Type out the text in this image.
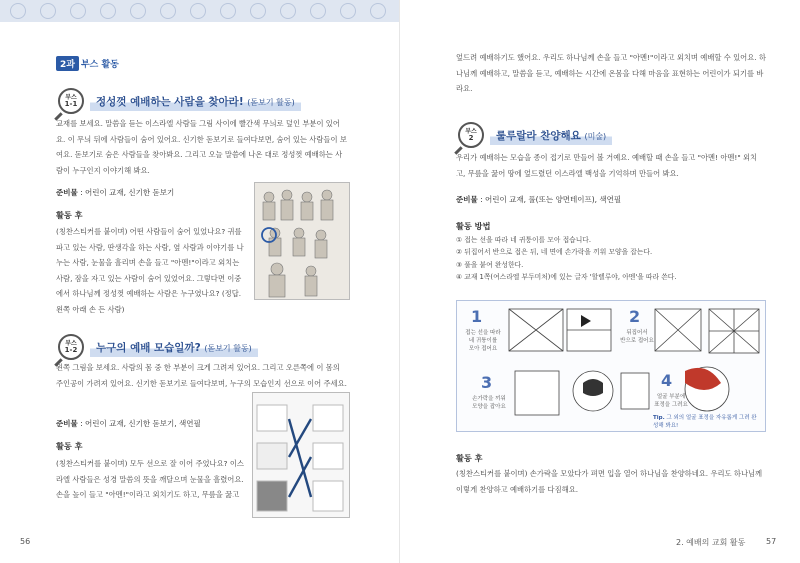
2과 부스 활동
부스
1-1	정성껏 예배하는 사람을 찾아라! (돋보기 활동)
교재를 보세요. 말씀을 듣는 이스라엘 사람들 그림 사이에 빨간색 무늬로 덮인 부분이 있어요. 이 무늬 뒤에 사람들이 숨어 있어요. 신기한 돋보기로 들여다보면, 숨어 있는 사람들이 보여요. 돋보기로 숨은 사람들을 찾아봐요. 그리고 오늘 말씀에 나온 대로 정성껏 예배하는 사람이 누구인지 이야기해 봐요.
준비물 : 어린이 교재, 신기한 돋보기
활동 후
(칭찬스티커를 붙이며) 어떤 사람들이 숨어 있었나요? 귀를 파고 있는 사람, 딴생각을 하는 사람, 옆 사람과 이야기를 나누는 사람, 눈물을 흘리며 손을 들고 "아멘!"이라고 외치는 사람, 잠을 자고 있는 사람이 숨어 있었어요. 그렇다면 이중에서 하나님께 정성껏 예배하는 사람은 누구였나요? (정답. 왼쪽 아래 손 든 사람)
부스
1-2	누구의 예배 모습일까? (돋보기 활동)
왼쪽 그림을 보세요. 사람의 몸 중 한 부분이 크게 그려져 있어요. 그리고 오른쪽에 이 몸의 주인공이 가려져 있어요. 신기한 돋보기로 들여다보며, 누구의 모습인지 선으로 이어 주세요.
준비물 : 어린이 교재, 신기한 돋보기, 색연필
활동 후
(칭찬스티커를 붙이며) 모두 선으로 잘 이어 주었나요? 이스라엘 사람들은 성경 말씀의 뜻을 깨달으며 눈물을 흘렸어요. 손을 높이 들고 "아멘!"이라고 외치기도 하고, 무릎을 꿇고
56
엎드려 예배하기도 했어요. 우리도 하나님께 손을 들고 "아멘!"이라고 외치며 예배할 수 있어요. 하나님께 예배하고, 말씀을 듣고, 예배하는 시간에 온몸을 다해 마음을 표현하는 어린이가 되기를 바라요.
부스
2	룰루랄라 찬양해요 (미술)
우리가 예배하는 모습을 종이 접기로 만들어 볼 거예요. 예배할 때 손을 들고 "아멘! 아멘!" 외치고, 무릎을 꿇어 땅에 엎드렸던 이스라엘 백성을 기억하며 만들어 봐요.
준비물 : 어린이 교재, 풀(또는 양면테이프), 색연필
활동 방법
① 접는 선을 따라 네 귀퉁이를 모아 접습니다.
② 뒤집어서 반으로 접은 뒤, 네 면에 손가락을 끼워 모양을 잡는다.
③ 풀을 붙여 완성한다.
④ 교재 1쪽(여스라엘 부두미처)에 있는 글자 '할렐루야, 아멘'을 따라 쓴다.
1
접는 선을 따라
네 귀퉁이를
모아 접어요
2
뒤집어서
반으로 접어요
3
손가락을 끼워
모양을 잡아요
4
얼굴 부분에
표정을 그려요
Tip. 그 외의 얼굴 표정을 자유롭게 그려 완성해 봐요!
활동 후
(칭찬스티커를 붙이며) 손가락을 모았다가 펴면 입을 열어 하나님을 찬양하네요. 우리도 하나님께 이렇게 찬양하고 예배하기를 다짐해요.
2. 예배의 교회 활동	57
